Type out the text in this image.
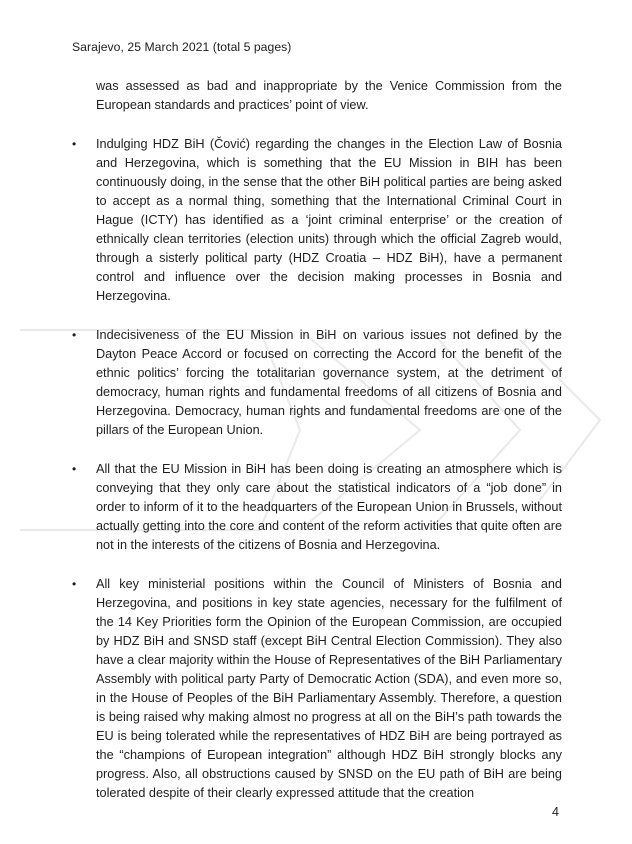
Sarajevo, 25 March 2021 (total 5 pages)

was assessed as bad and inappropriate by the Venice Commission from the European standards and practices’ point of view.

•	Indulging HDZ BiH (Čović) regarding the changes in the Election Law of Bosnia and Herzegovina, which is something that the EU Mission in BIH has been continuously doing, in the sense that the other BiH political parties are being asked to accept as a normal thing, something that the International Criminal Court in Hague (ICTY) has identified as a ‘joint criminal enterprise’ or the creation of ethnically clean territories (election units) through which the official Zagreb would, through a sisterly political party (HDZ Croatia – HDZ BiH), have a permanent control and influence over the decision making processes in Bosnia and Herzegovina.
•	Indecisiveness of the EU Mission in BiH on various issues not defined by the Dayton Peace Accord or focused on correcting the Accord for the benefit of the ethnic politics’ forcing the totalitarian governance system, at the detriment of democracy, human rights and fundamental freedoms of all citizens of Bosnia and Herzegovina. Democracy, human rights and fundamental freedoms are one of the pillars of the European Union.
•	All that the EU Mission in BiH has been doing is creating an atmosphere which is conveying that they only care about the statistical indicators of a “job done” in order to inform of it to the headquarters of the European Union in Brussels, without actually getting into the core and content of the reform activities that quite often are not in the interests of the citizens of Bosnia and Herzegovina.
•	All key ministerial positions within the Council of Ministers of Bosnia and Herzegovina, and positions in key state agencies, necessary for the fulfilment of the 14 Key Priorities form the Opinion of the European Commission, are occupied by HDZ BiH and SNSD staff (except BiH Central Election Commission). They also have a clear majority within the House of Representatives of the BiH Parliamentary Assembly with political party Party of Democratic Action (SDA), and even more so, in the House of Peoples of the BiH Parliamentary Assembly. Therefore, a question is being raised why making almost no progress at all on the BiH’s path towards the EU is being tolerated while the representatives of HDZ BiH are being portrayed as the “champions of European integration” although HDZ BiH strongly blocks any progress. Also, all obstructions caused by SNSD on the EU path of BiH are being tolerated despite of their clearly expressed attitude that the creation
4
